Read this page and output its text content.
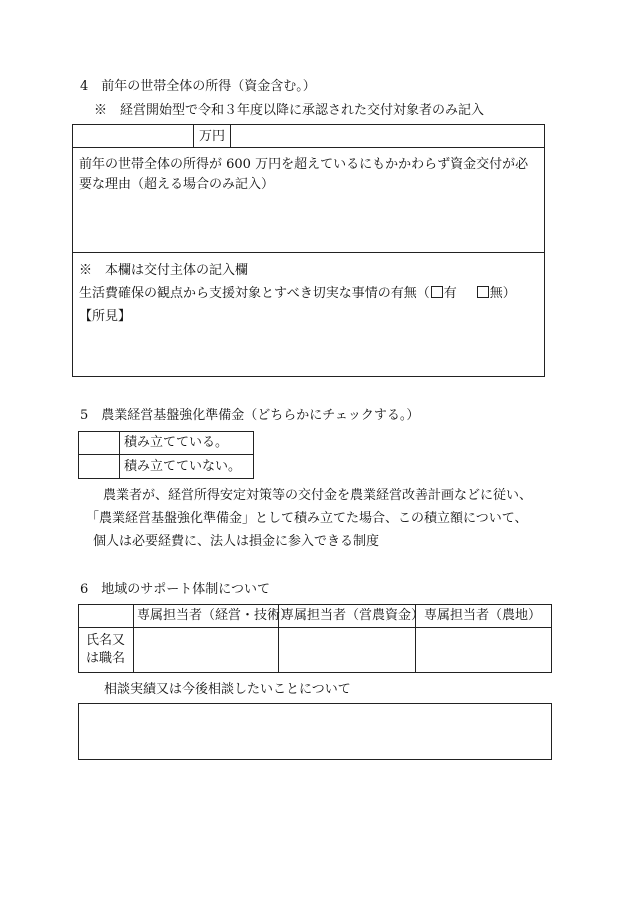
4　前年の世帯全体の所得（資金含む。）
※　経営開始型で令和３年度以降に承認された交付対象者のみ記入
万円
前年の世帯全体の所得が 600 万円を超えているにもかかわらず資金交付が必
要な理由（超える場合のみ記入）
※　本欄は交付主体の記入欄
生活費確保の観点から支援対象とすべき切実な事情の有無（ 有	無）
【所見】
5　農業経営基盤強化準備金（どちらかにチェックする。）
積み立てている。
積み立てていない。
農業者が、経営所得安定対策等の交付金を農業経営改善計画などに従い、
「農業経営基盤強化準備金」として積み立てた場合、この積立額について、
個人は必要経費に、法人は損金に参入できる制度
6　地域のサポート体制について
専属担当者（経営・技術）
専属担当者（営農資金） 専属担当者（農地）
氏名又
は職名
相談実績又は今後相談したいことについて
